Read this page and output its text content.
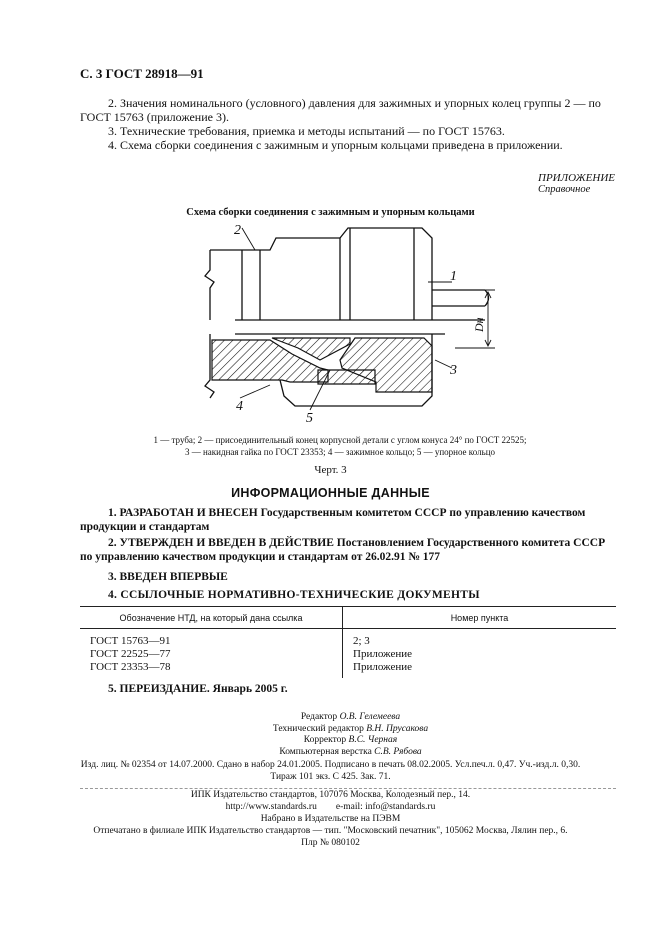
С. 3 ГОСТ 28918—91
2. Значения номинального (условного) давления для зажимных и упорных колец группы 2 — по ГОСТ 15763 (приложение 3).
3. Технические требования, приемка и методы испытаний — по ГОСТ 15763.
4. Схема сборки соединения с зажимным и упорным кольцами приведена в приложении.
ПРИЛОЖЕНИЕ
Справочное
Схема сборки соединения с зажимным и упорным кольцами
2
1
3
4
5
Dн
1 — труба; 2 — присоединительный конец корпусной детали с углом конуса 24° по ГОСТ 22525;
3 — накидная гайка по ГОСТ 23353; 4 — зажимное кольцо; 5 — упорное кольцо
Черт. 3
ИНФОРМАЦИОННЫЕ ДАННЫЕ
1. РАЗРАБОТАН И ВНЕСЕН Государственным комитетом СССР по управлению качеством продукции и стандартам
2. УТВЕРЖДЕН И ВВЕДЕН В ДЕЙСТВИЕ Постановлением Государственного комитета СССР по управлению качеством продукции и стандартам от 26.02.91 № 177
3. ВВЕДЕН ВПЕРВЫЕ
4. ССЫЛОЧНЫЕ НОРМАТИВНО-ТЕХНИЧЕСКИЕ ДОКУМЕНТЫ
Обозначение НТД, на который дана ссылка	Номер пункта
ГОСТ 15763—91	2; 3
ГОСТ 22525—77	Приложение
ГОСТ 23353—78	Приложение
5. ПЕРЕИЗДАНИЕ. Январь 2005 г.
Редактор О.В. Гелемеева
Технический редактор В.Н. Прусакова
Корректор В.С. Черная
Компьютерная верстка С.В. Рябова
Изд. лиц. № 02354 от 14.07.2000. Сдано в набор 24.01.2005. Подписано в печать 08.02.2005. Усл.печ.л. 0,47. Уч.-изд.л. 0,30.
Тираж 101 экз. С 425. Зак. 71.
ИПК Издательство стандартов, 107076 Москва, Колодезный пер., 14.
http://www.standards.ru        e-mail: info@standards.ru
Набрано в Издательстве на ПЭВМ
Отпечатано в филиале ИПК Издательство стандартов — тип. "Московский печатник", 105062 Москва, Лялин пер., 6.
Плр № 080102
